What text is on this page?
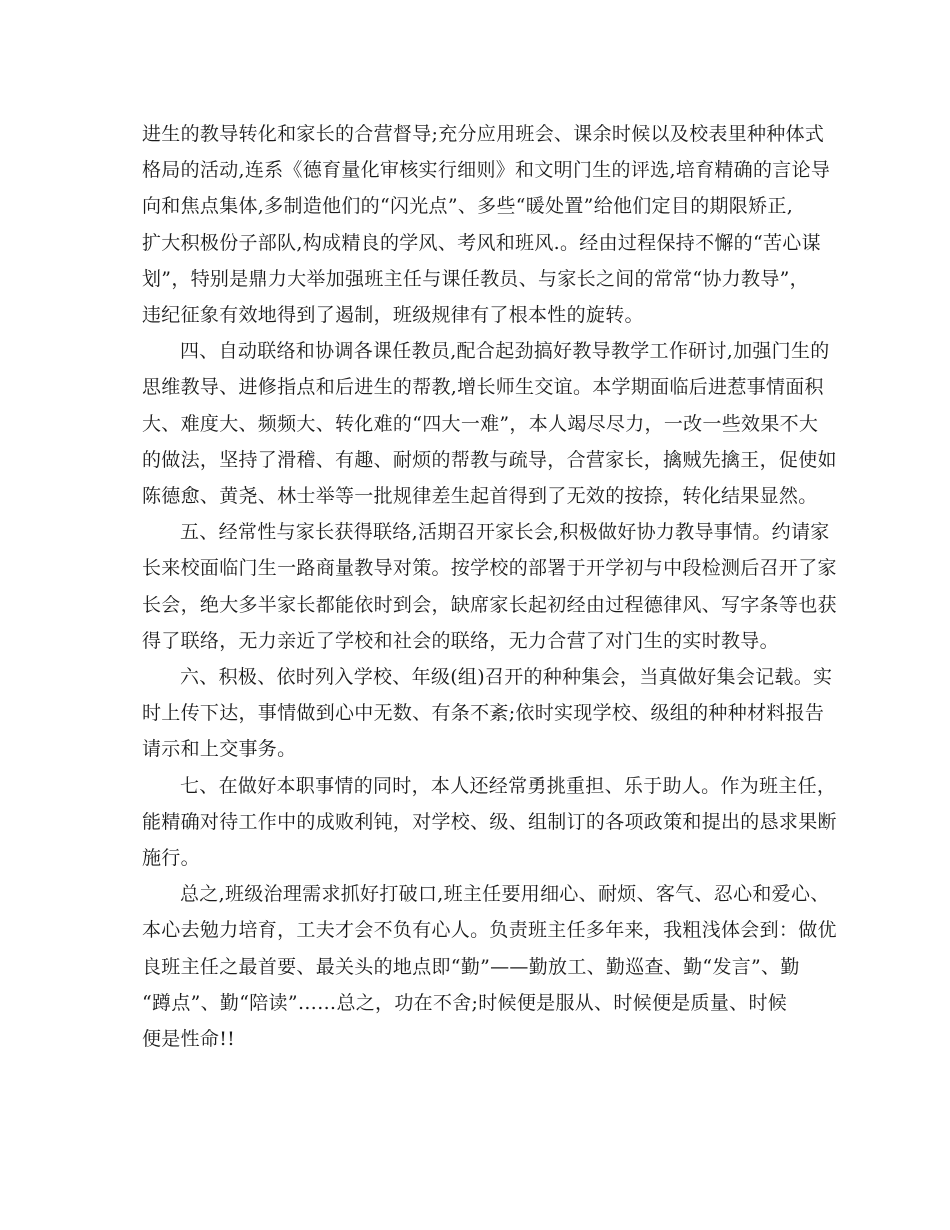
进生的教导转化和家长的合营督导;充分应用班会、课余时候以及校表里种种体式
格局的活动,连系《德育量化审核实行细则》和文明门生的评选,培育精确的言论导
向和焦点集体,多制造他们的“闪光点”、多些“暖处置”给他们定目的期限矫正,
扩大积极份子部队,构成精良的学风、考风和班风.。经由过程保持不懈的“苦心谋
划”，特别是鼎力大举加强班主任与课任教员、与家长之间的常常“协力教导”，
违纪征象有效地得到了遏制，班级规律有了根本性的旋转。

四、自动联络和协调各课任教员,配合起劲搞好教导教学工作研讨,加强门生的
思维教导、进修指点和后进生的帮教,增长师生交谊。本学期面临后进惹事情面积
大、难度大、频频大、转化难的“四大一难”，本人竭尽尽力，一改一些效果不大
的做法，坚持了滑稽、有趣、耐烦的帮教与疏导，合营家长，擒贼先擒王，促使如
陈德愈、黄尧、林士举等一批规律差生起首得到了无效的按捺，转化结果显然。

五、经常性与家长获得联络,活期召开家长会,积极做好协力教导事情。约请家
长来校面临门生一路商量教导对策。按学校的部署于开学初与中段检测后召开了家
长会，绝大多半家长都能依时到会，缺席家长起初经由过程德律风、写字条等也获
得了联络，无力亲近了学校和社会的联络，无力合营了对门生的实时教导。

六、积极、依时列入学校、年级(组)召开的种种集会，当真做好集会记载。实
时上传下达，事情做到心中无数、有条不紊;依时实现学校、级组的种种材料报告
请示和上交事务。

七、在做好本职事情的同时，本人还经常勇挑重担、乐于助人。作为班主任，
能精确对待工作中的成败利钝，对学校、级、组制订的各项政策和提出的恳求果断
施行。

总之,班级治理需求抓好打破口,班主任要用细心、耐烦、客气、忍心和爱心、
本心去勉力培育，工夫才会不负有心人。负责班主任多年来，我粗浅体会到：做优
良班主任之最首要、最关头的地点即“勤”——勤放工、勤巡查、勤“发言”、勤
“蹲点”、勤“陪读”……总之，功在不舍;时候便是服从、时候便是质量、时候
便是性命!!
